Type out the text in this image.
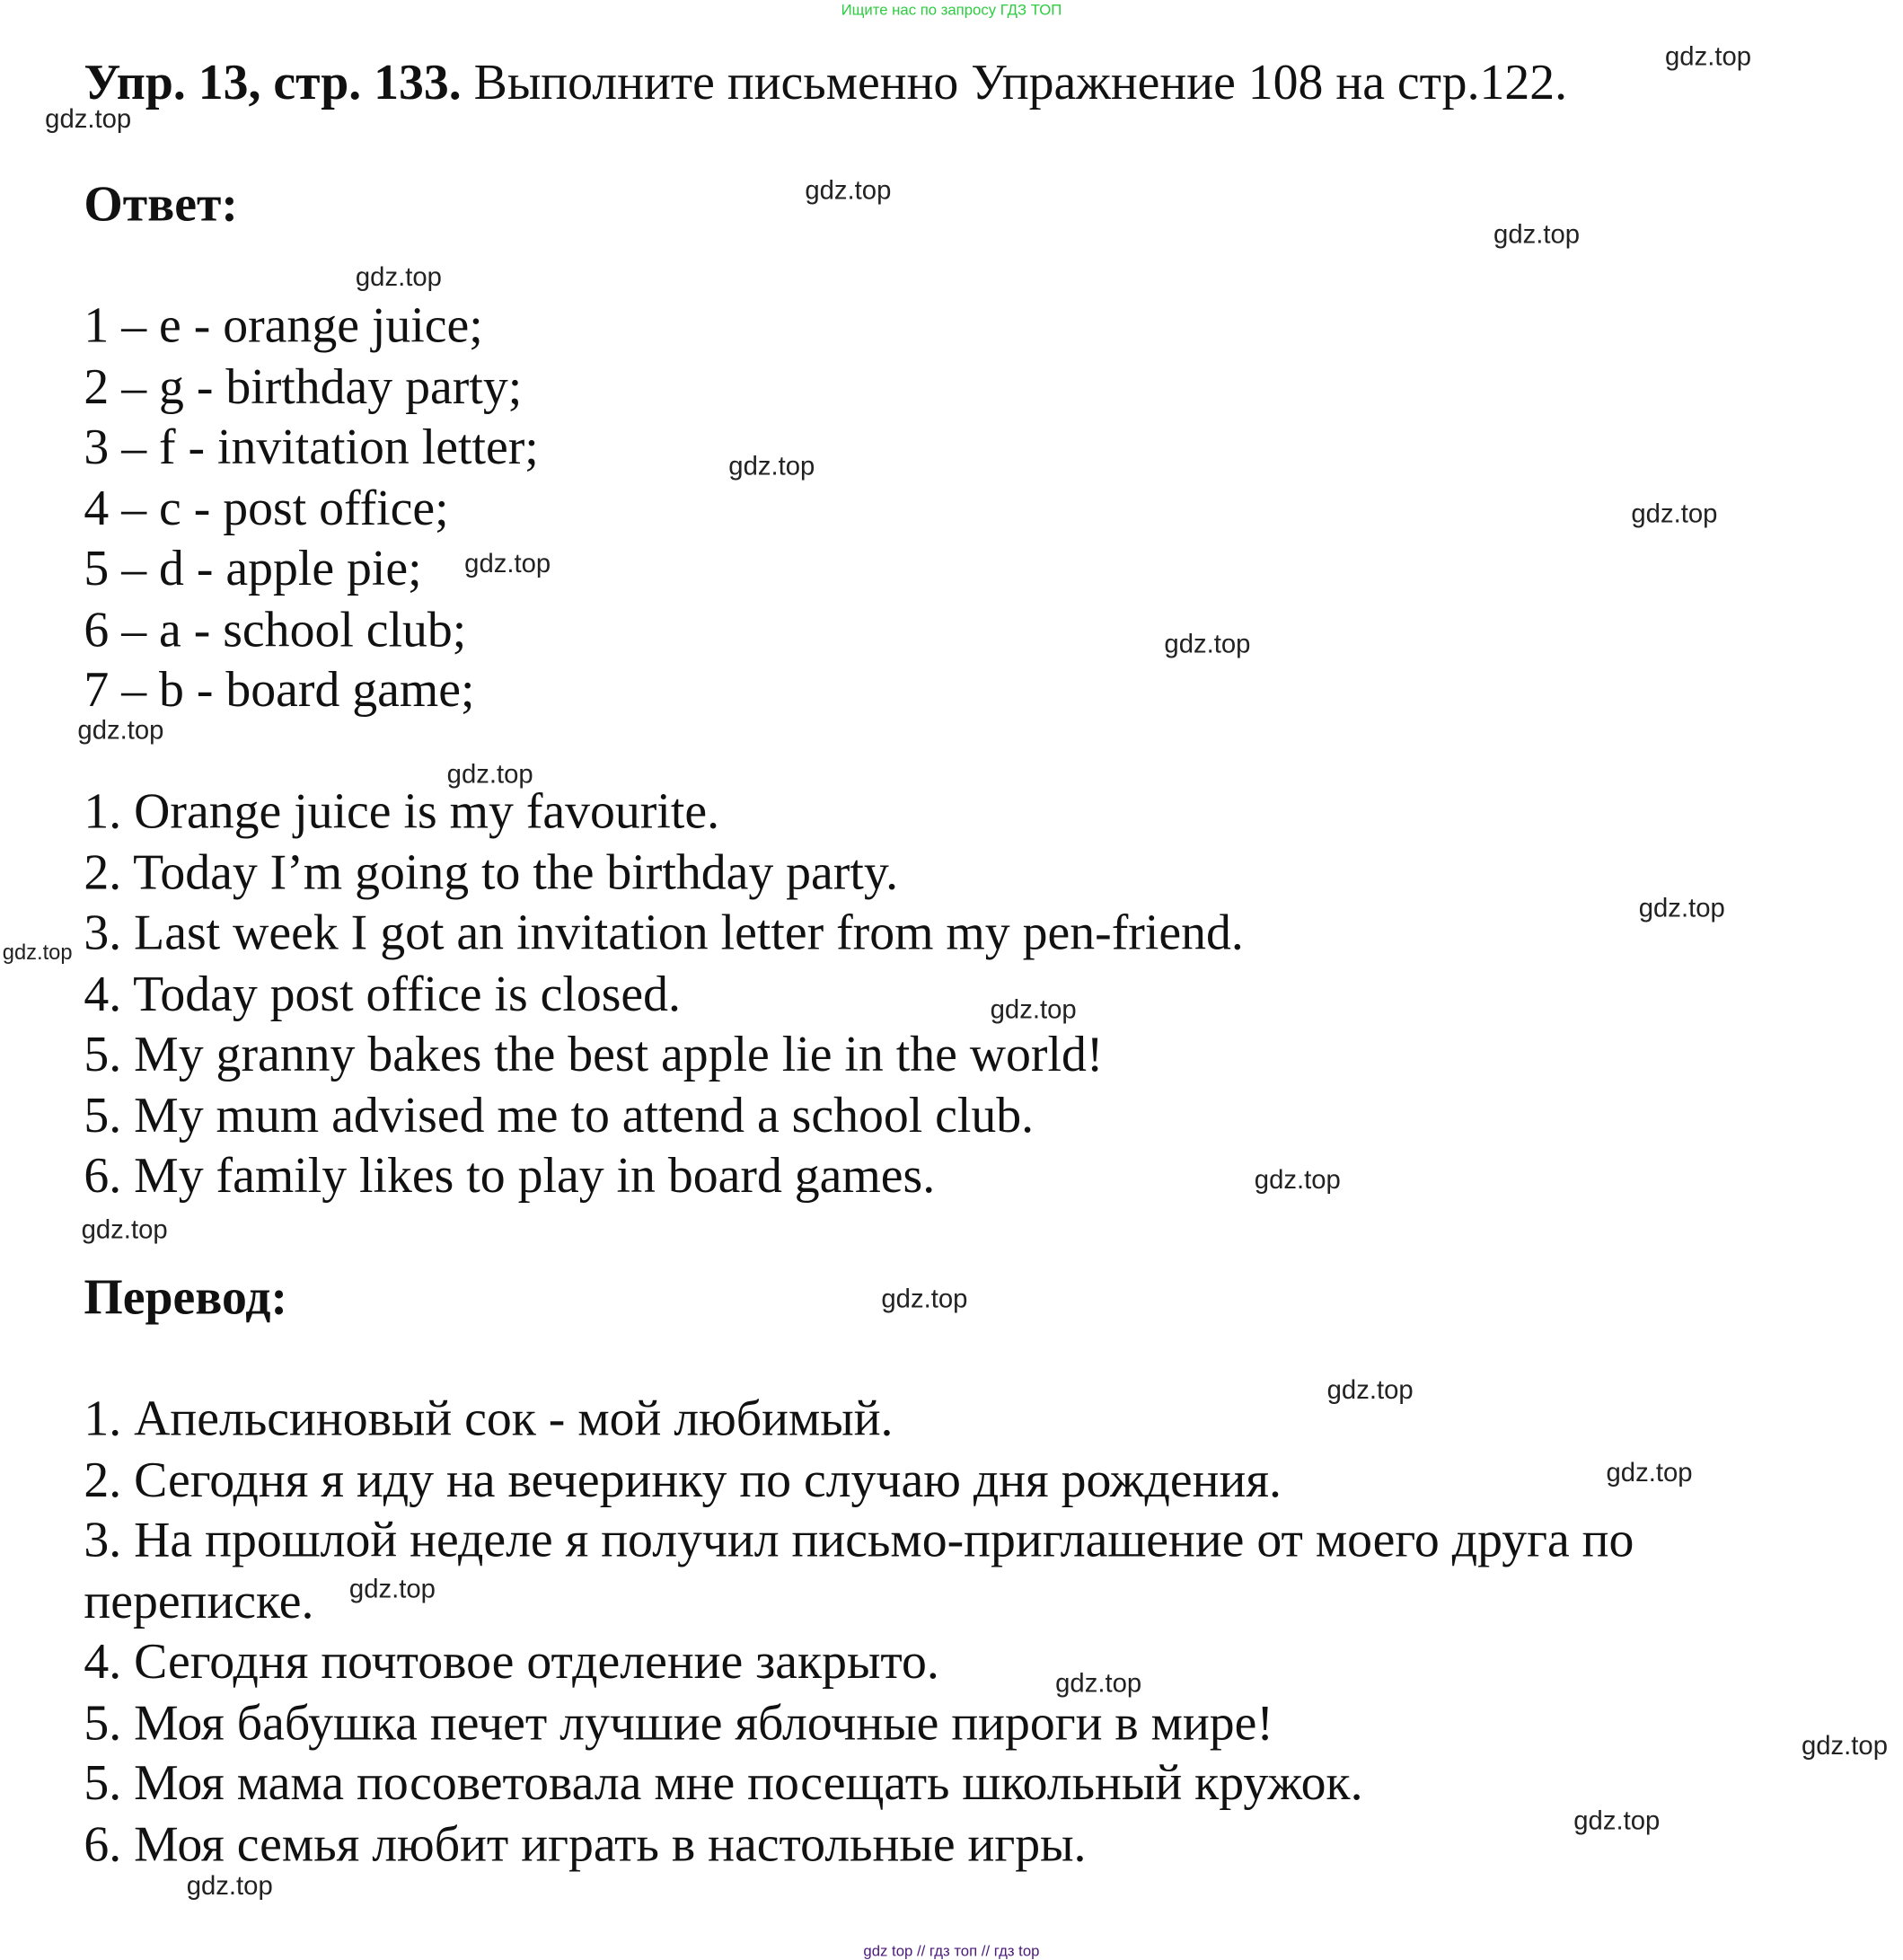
Ищите нас по запросу ГДЗ ТОП
Упр. 13, стр. 133. Выполните письменно Упражнение 108 на стр.122.
Ответ:
1 – e - orange juice;
2 – g - birthday party;
3 – f - invitation letter;
4 – c - post office;
5 – d - apple pie;
6 – a - school club;
7 – b - board game;
1. Orange juice is my favourite.
2. Today I’m going to the birthday party.
3. Last week I got an invitation letter from my pen-friend.
4. Today post office is closed.
5. My granny bakes the best apple lie in the world!
5. My mum advised me to attend a school club.
6. My family likes to play in board games.
Перевод:
1. Апельсиновый сок - мой любимый.
2. Сегодня я иду на вечеринку по случаю дня рождения.
3. На прошлой неделе я получил письмо-приглашение от моего друга по
переписке.
4. Сегодня почтовое отделение закрыто.
5. Моя бабушка печет лучшие яблочные пироги в мире!
5. Моя мама посоветовала мне посещать школьный кружок.
6. Моя семья любит играть в настольные игры.
gdz.top
gdz.top
gdz.top
gdz.top
gdz.top
gdz.top
gdz.top
gdz.top
gdz.top
gdz.top
gdz.top
gdz.top
gdz.top
gdz.top
gdz.top
gdz.top
gdz.top
gdz.top
gdz.top
gdz.top
gdz.top
gdz.top
gdz.top
gdz.top
gdz top // гдз топ // гдз top
